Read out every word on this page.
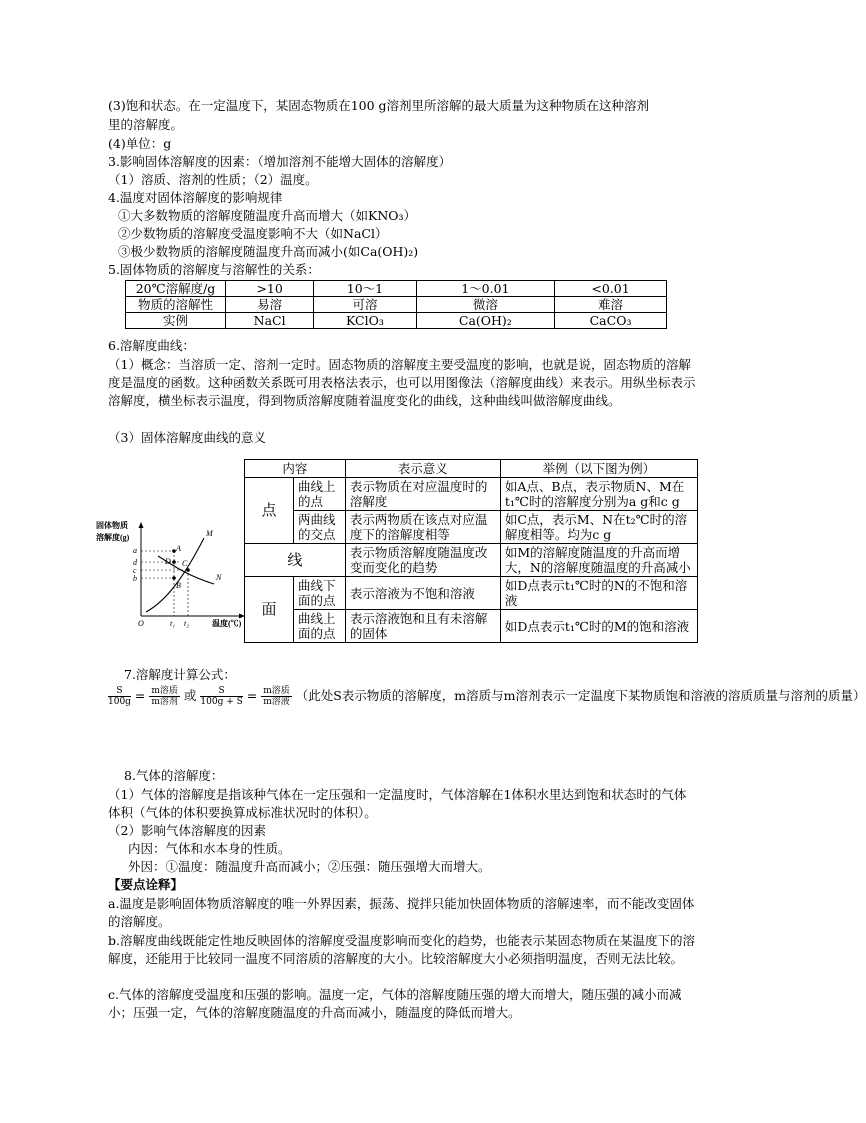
(3)饱和状态。在一定温度下，某固态物质在100 g溶剂里所溶解的最大质量为这种物质在这种溶剂
里的溶解度。
(4)单位：g
3.影响固体溶解度的因素：（增加溶剂不能增大固体的溶解度）
（1）溶质、溶剂的性质；（2）温度。
4.温度对固体溶解度的影响规律
①大多数物质的溶解度随温度升高而增大（如KNO₃）
②少数物质的溶解度受温度影响不大（如NaCl）
③极少数物质的溶解度随温度升高而减小(如Ca(OH)₂)
5.固体物质的溶解度与溶解性的关系：
20℃溶解度/g	>10	10～1	1～0.01	<0.01
物质的溶解性	易溶	可溶	微溶	难溶
实例	NaCl	KClO₃	Ca(OH)₂	CaCO₃
6.溶解度曲线：
（1）概念：当溶质一定、溶剂一定时。固态物质的溶解度主要受温度的影响，也就是说，固态物质的溶解度是温度的函数。这种函数关系既可用表格法表示，也可以用图像法（溶解度曲线）来表示。用纵坐标表示溶解度，横坐标表示温度，得到物质溶解度随着温度变化的曲线，这种曲线叫做溶解度曲线。
（3）固体溶解度曲线的意义
固体物质
溶解度(g)
a
d
c
b
A
D C
B
M
N
O	t₁ t₂	温度(℃)
内容		表示意义	举例（以下图为例）
点	曲线上的点	表示物质在对应温度时的溶解度	如A点、B点，表示物质N、M在t₁℃时的溶解度分别为a g和c g
	两曲线的交点	表示两物质在该点对应温度下的溶解度相等	如C点，表示M、N在t₂℃时的溶解度相等。均为c g
线		表示物质溶解度随温度改变而变化的趋势	如M的溶解度随温度的升高而增大，N的溶解度随温度的升高减小
面	曲线下面的点	表示溶液为不饱和溶液	如D点表示t₁℃时的N的不饱和溶液
	曲线上面的点	表示溶液饱和且有未溶解的固体	如D点表示t₁℃时的M的饱和溶液
7.溶解度计算公式：
$\frac{S}{100g} = \frac{\text{m溶质}}{\text{m溶剂}}$ 或 $\frac{S}{100g + S} = \frac{\text{m溶质}}{\text{m溶液}}$ （此处S表示物质的溶解度，m溶质与m溶剂表示一定温度下某物质饱和溶液的溶质质量与溶剂的质量）
8.气体的溶解度：
（1）气体的溶解度是指该种气体在一定压强和一定温度时，气体溶解在1体积水里达到饱和状态时的气体体积（气体的体积要换算成标准状况时的体积）。
（2）影响气体溶解度的因素
内因：气体和水本身的性质。
外因：①温度：随温度升高而减小；②压强：随压强增大而增大。
【要点诠释】
a.温度是影响固体物质溶解度的唯一外界因素，振荡、搅拌只能加快固体物质的溶解速率，而不能改变固体的溶解度。
b.溶解度曲线既能定性地反映固体的溶解度受温度影响而变化的趋势，也能表示某固态物质在某温度下的溶解度，还能用于比较同一温度不同溶质的溶解度的大小。比较溶解度大小必须指明温度，否则无法比较。
c.气体的溶解度受温度和压强的影响。温度一定，气体的溶解度随压强的增大而增大，随压强的减小而减小；压强一定，气体的溶解度随温度的升高而减小，随温度的降低而增大。
